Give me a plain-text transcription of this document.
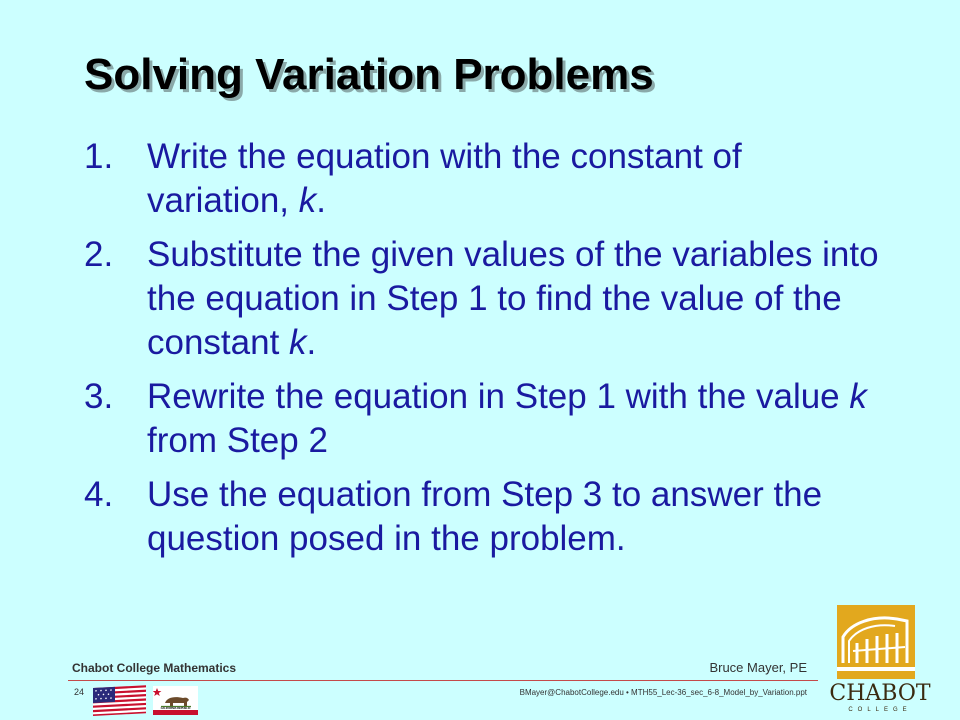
Solving Variation Problems
1. Write the equation with the constant of variation, k.
2. Substitute the given values of the variables into the equation in Step 1 to find the value of the constant k.
3. Rewrite the equation in Step 1 with the value k from Step 2
4. Use the equation from Step 3 to answer the question posed in the problem.
Chabot College Mathematics	Bruce Mayer, PE
24	BMayer@ChabotCollege.edu • MTH55_Lec-36_sec_6-8_Model_by_Variation.ppt
CALIFORNIA REPUBLIC
CHABOT
COLLEGE
